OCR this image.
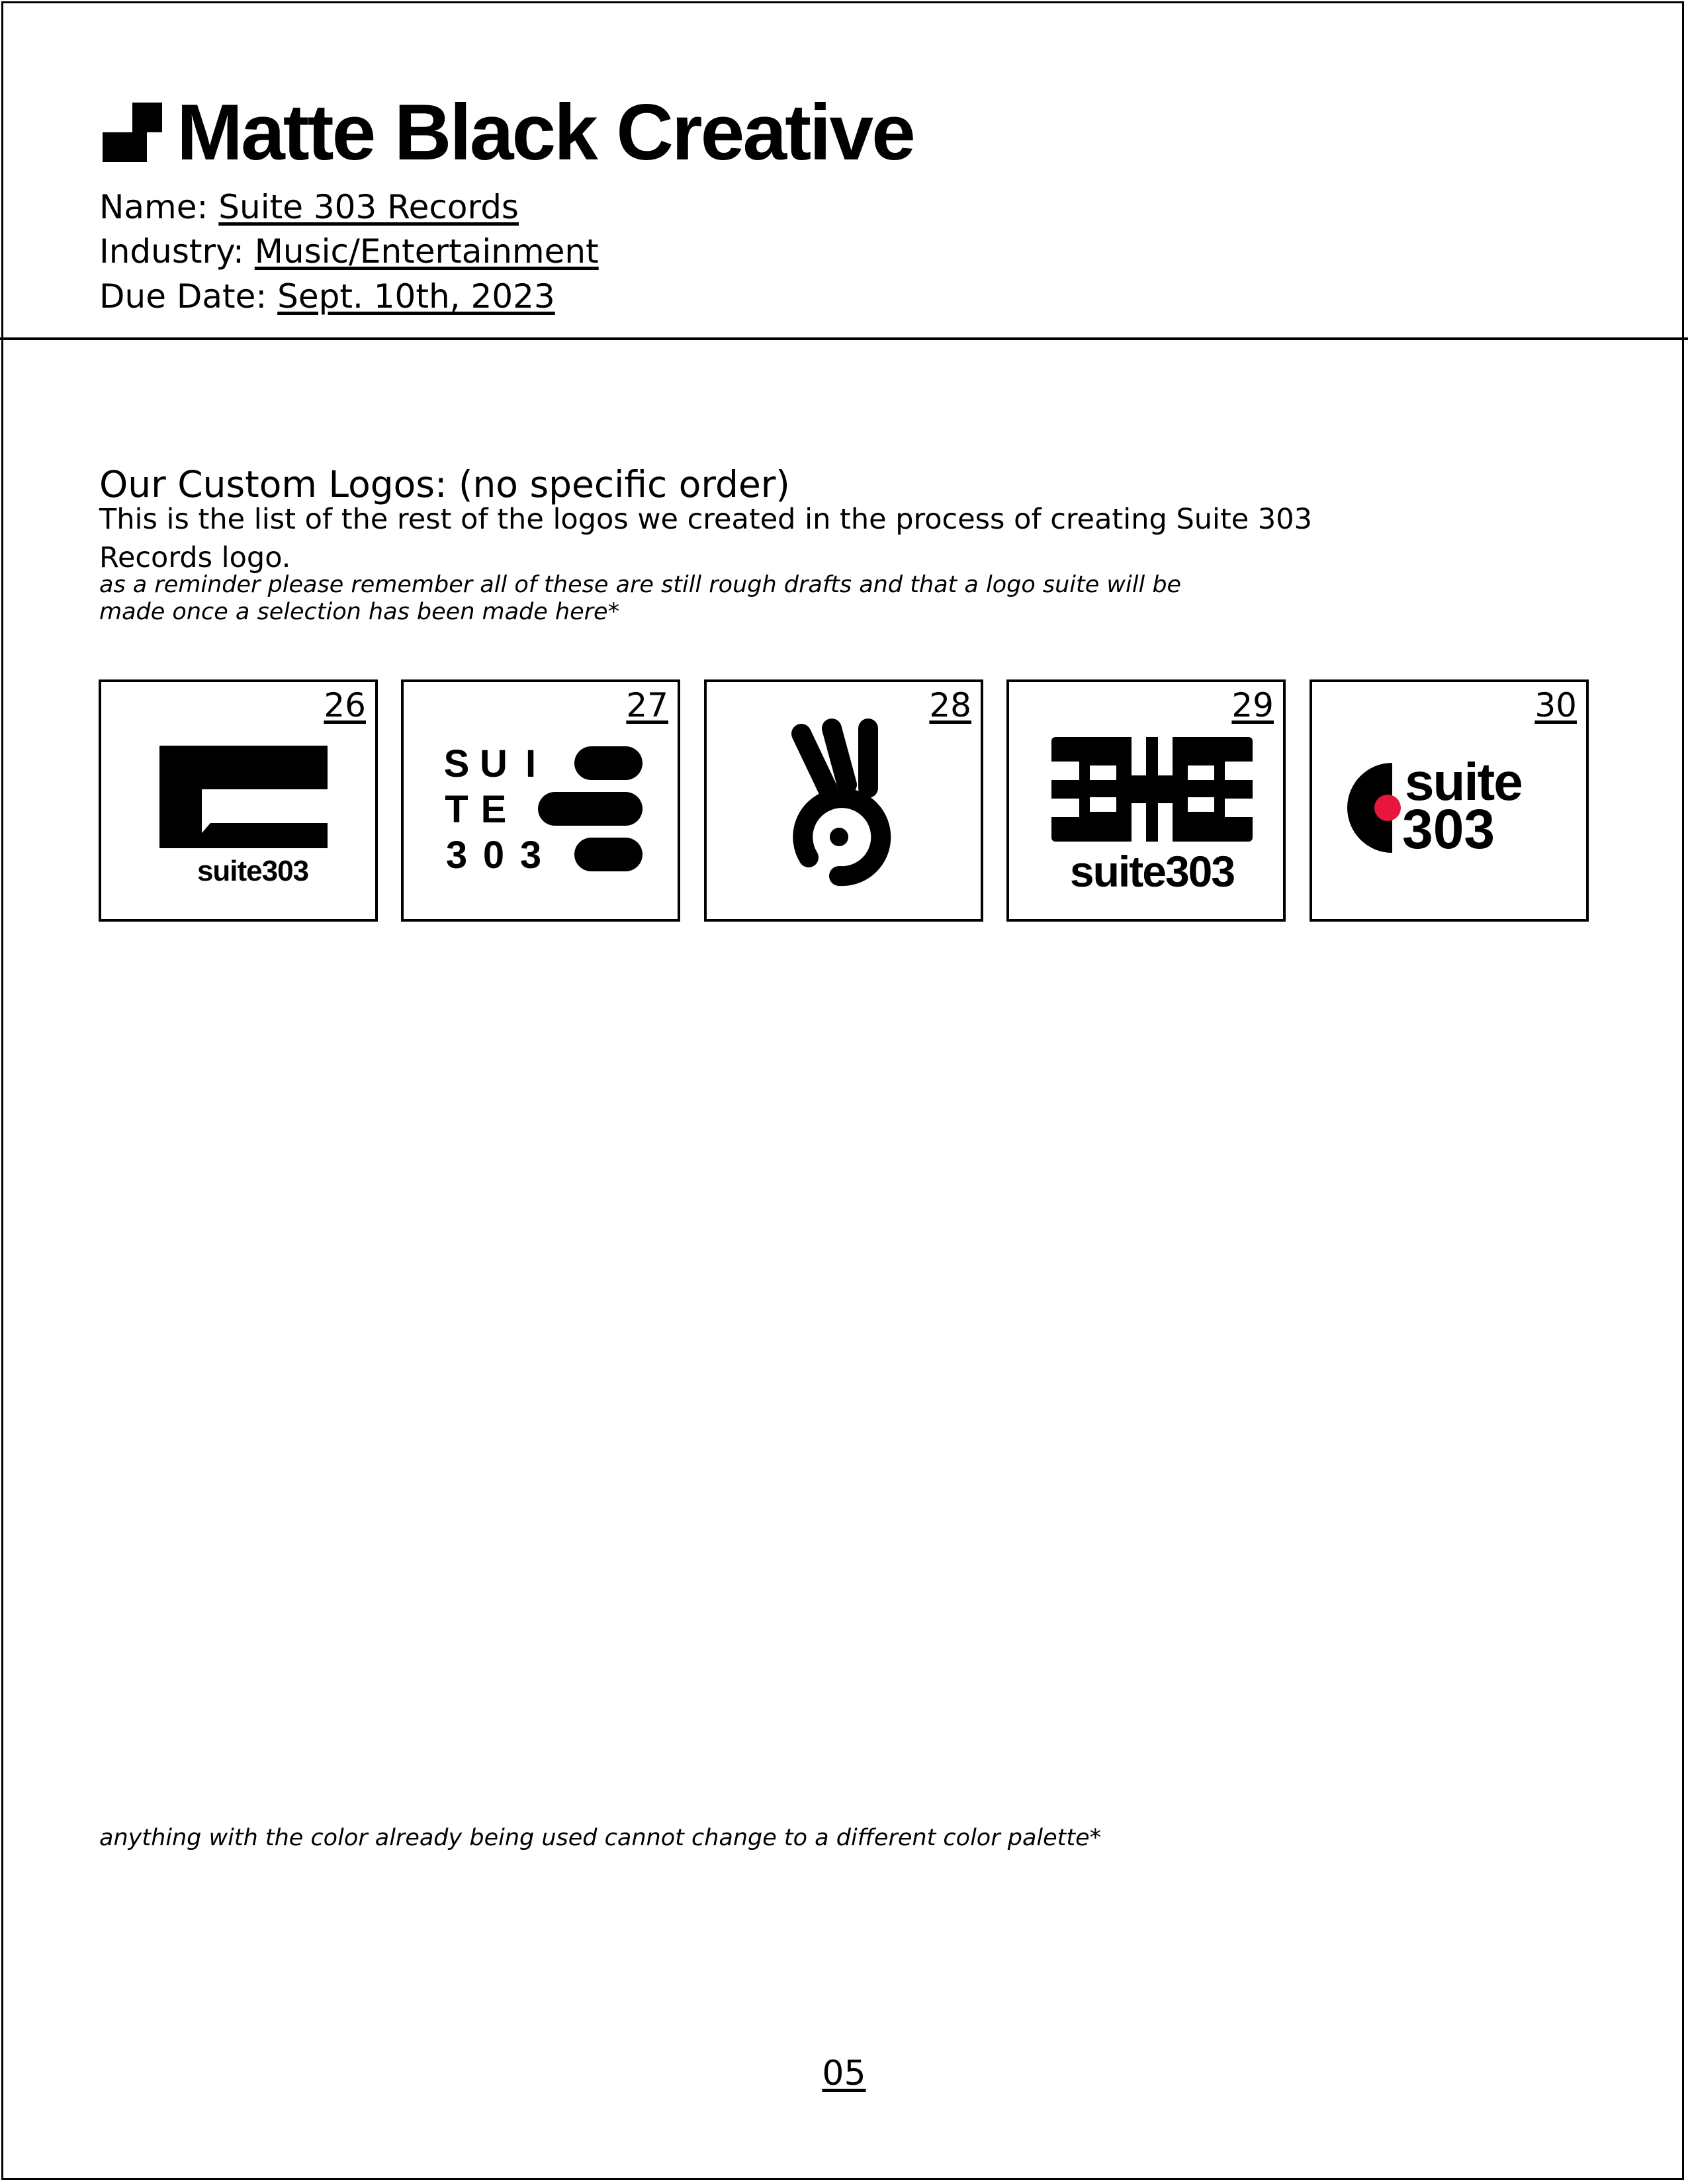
Matte Black Creative
Name: Suite 303 Records
Industry: Music/Entertainment
Due Date: Sept. 10th, 2023
Our Custom Logos: (no specific order)
This is the list of the rest of the logos we created in the process of creating Suite 303 Records logo.
as a reminder please remember all of these are still rough drafts and that a logo suite will be made once a selection has been made here*
26
suite303
27
S U I
T E
3 0 3
28	29
suite303
30
suite
303
anything with the color already being used cannot change to a different color palette*
05
